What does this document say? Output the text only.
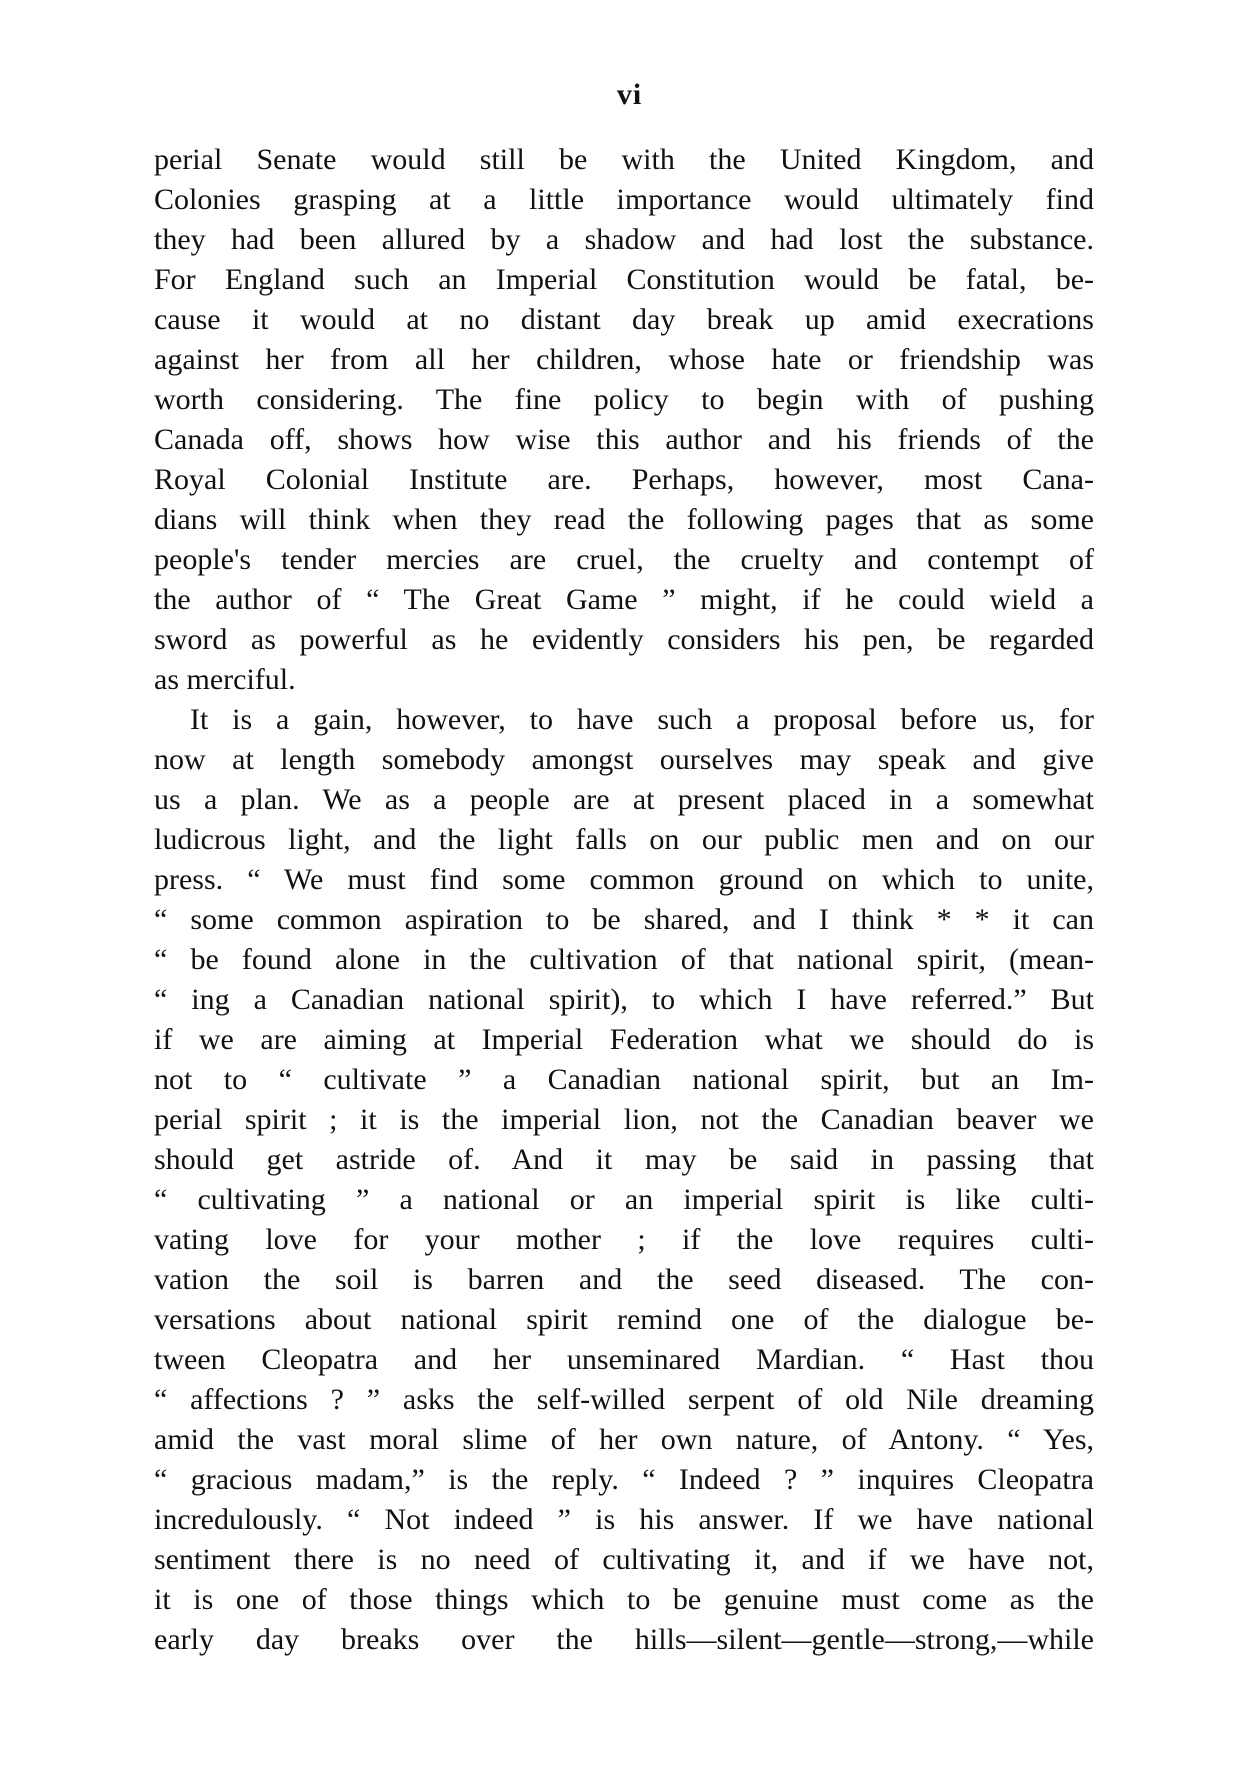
vi
perial Senate would still be with the United Kingdom, and
Colonies grasping at a little importance would ultimately find
they had been allured by a shadow and had lost the substance.
For England such an Imperial Constitution would be fatal, be-
cause it would at no distant day break up amid execrations
against her from all her children, whose hate or friendship was
worth considering. The fine policy to begin with of pushing
Canada off, shows how wise this author and his friends of the
Royal Colonial Institute are. Perhaps, however, most Cana-
dians will think when they read the following pages that as some
people's tender mercies are cruel, the cruelty and contempt of
the author of “ The Great Game ” might, if he could wield a
sword as powerful as he evidently considers his pen, be regarded
as merciful.
It is a gain, however, to have such a proposal before us, for
now at length somebody amongst ourselves may speak and give
us a plan. We as a people are at present placed in a somewhat
ludicrous light, and the light falls on our public men and on our
press. “ We must find some common ground on which to unite,
“ some common aspiration to be shared, and I think * * it can
“ be found alone in the cultivation of that national spirit, (mean-
“ ing a Canadian national spirit), to which I have referred.” But
if we are aiming at Imperial Federation what we should do is
not to “ cultivate ” a Canadian national spirit, but an Im-
perial spirit ; it is the imperial lion, not the Canadian beaver we
should get astride of. And it may be said in passing that
“ cultivating ” a national or an imperial spirit is like culti-
vating love for your mother ; if the love requires culti-
vation the soil is barren and the seed diseased. The con-
versations about national spirit remind one of the dialogue be-
tween Cleopatra and her unseminared Mardian. “ Hast thou
“ affections ? ” asks the self-willed serpent of old Nile dreaming
amid the vast moral slime of her own nature, of Antony. “ Yes,
“ gracious madam,” is the reply. “ Indeed ? ” inquires Cleopatra
incredulously. “ Not indeed ” is his answer. If we have national
sentiment there is no need of cultivating it, and if we have not,
it is one of those things which to be genuine must come as the
early day breaks over the hills—silent—gentle—strong,—while
